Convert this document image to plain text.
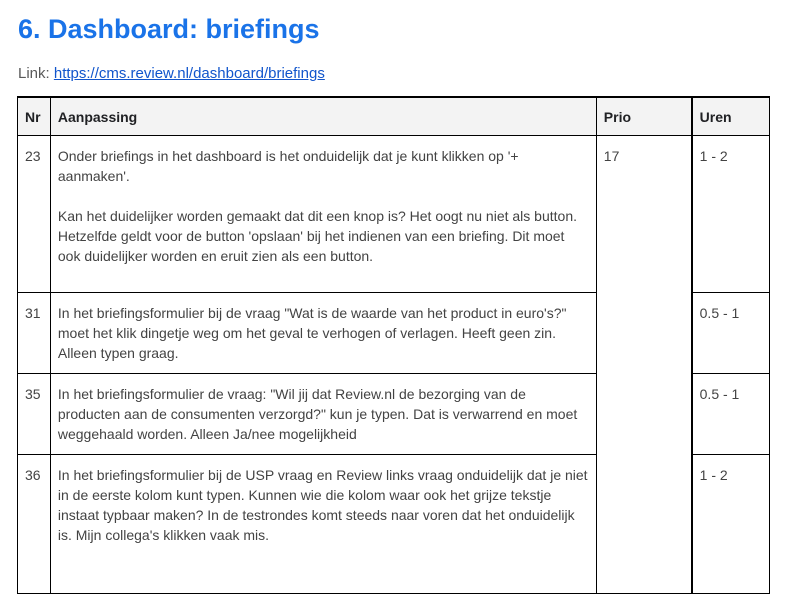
6. Dashboard: briefings
Link: https://cms.review.nl/dashboard/briefings
Nr	Aanpassing	Prio	Uren
23	Onder briefings in het dashboard is het onduidelijk dat je kunt klikken op '+ aanmaken'.

Kan het duidelijker worden gemaakt dat dit een knop is? Het oogt nu niet als button. Hetzelfde geldt voor de button 'opslaan' bij het indienen van een briefing. Dit moet ook duidelijker worden en eruit zien als een button.	17	1 - 2
31	In het briefingsformulier bij de vraag "Wat is de waarde van het product in euro's?" moet het klik dingetje weg om het geval te verhogen of verlagen. Heeft geen zin. Alleen typen graag.		0.5 - 1
35	In het briefingsformulier de vraag: "Wil jij dat Review.nl de bezorging van de producten aan de consumenten verzorgd?" kun je typen. Dat is verwarrend en moet weggehaald worden. Alleen Ja/nee mogelijkheid		0.5 - 1
36	In het briefingsformulier bij de USP vraag en Review links vraag onduidelijk dat je niet in de eerste kolom kunt typen. Kunnen wie die kolom waar ook het grijze tekstje instaat typbaar maken? In de testrondes komt steeds naar voren dat het onduidelijk is. Mijn collega's klikken vaak mis.		1 - 2
